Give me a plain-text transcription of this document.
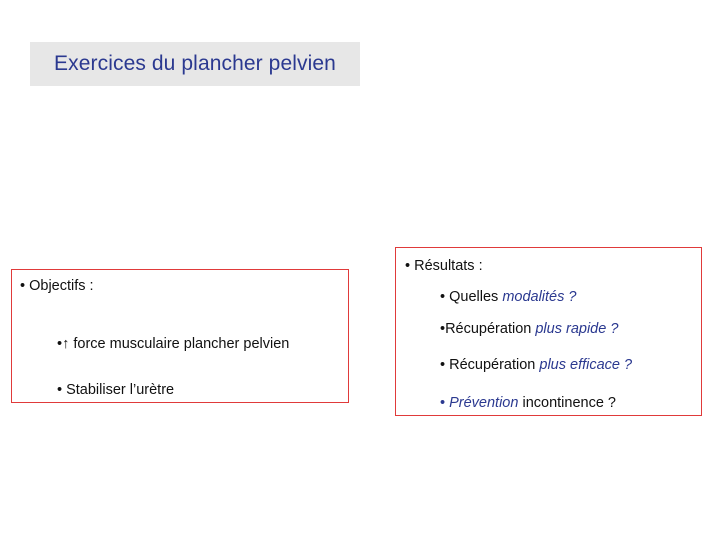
Exercices du plancher pelvien
• Objectifs :
•↑ force musculaire plancher pelvien
• Stabiliser l’urètre
• Résultats :
• Quelles modalités ?
•Récupération plus rapide ?
• Récupération plus efficace ?
• Prévention incontinence ?
